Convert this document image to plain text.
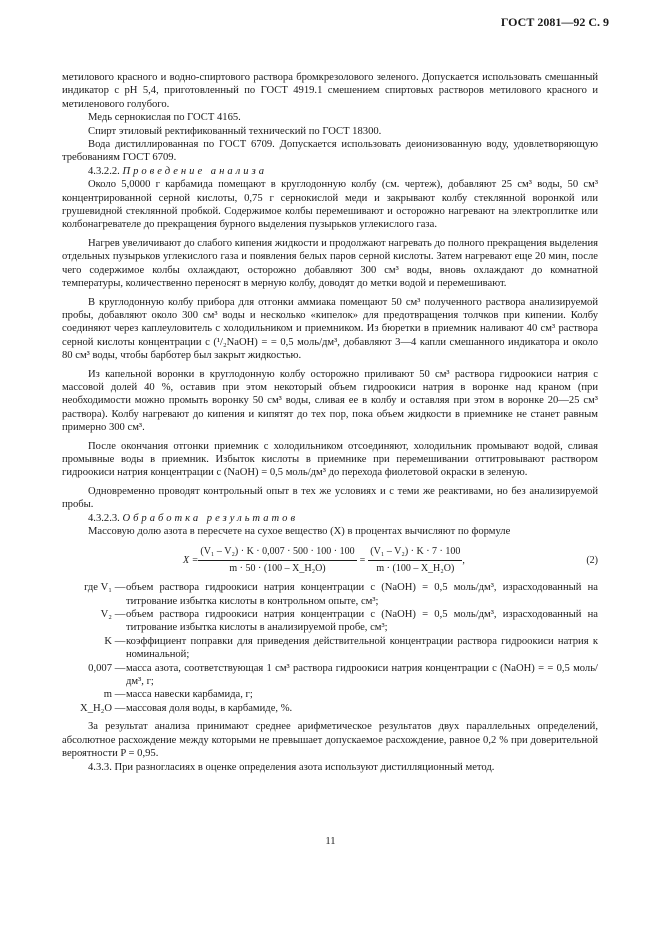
ГОСТ 2081—92 С. 9

метилового красного и водно-спиртового раствора бромкрезолового зеленого. Допускается использовать смешанный индикатор с pH 5,4, приготовленный по ГОСТ 4919.1 смешением спиртовых растворов метилового красного и метиленового голубого.

Медь сернокислая по ГОСТ 4165.

Спирт этиловый ректификованный технический по ГОСТ 18300.

Вода дистиллированная по ГОСТ 6709. Допускается использовать деионизованную воду, удовлетворяющую требованиям ГОСТ 6709.

4.3.2.2. Проведение анализа

Около 5,0000 г карбамида помещают в круглодонную колбу (см. чертеж), добавляют 25 см³ воды, 50 см³ концентрированной серной кислоты, 0,75 г сернокислой меди и закрывают колбу стеклянной воронкой или грушевидной стеклянной пробкой. Содержимое колбы перемешивают и осторожно нагревают на электроплитке или колбонагревателе до прекращения бурного выделения пузырьков углекислого газа.

Нагрев увеличивают до слабого кипения жидкости и продолжают нагревать до полного прекращения выделения отдельных пузырьков углекислого газа и появления белых паров серной кислоты. Затем нагревают еще 20 мин, после чего содержимое колбы охлаждают, осторожно добавляют 300 см³ воды, вновь охлаждают до комнатной температуры, количественно переносят в мерную колбу, доводят до метки водой и перемешивают.

В круглодонную колбу прибора для отгонки аммиака помещают 50 см³ полученного раствора анализируемой пробы, добавляют около 300 см³ воды и несколько «кипелок» для предотвращения толчков при кипении. Колбу соединяют через каплеуловитель с холодильником и приемником. Из бюретки в приемник наливают 40 см³ раствора серной кислоты концентрации c (¹/₂NaOH) = = 0,5 моль/дм³, добавляют 3—4 капли смешанного индикатора и около 80 см³ воды, чтобы барботер был закрыт жидкостью.

Из капельной воронки в круглодонную колбу осторожно приливают 50 см³ раствора гидроокиси натрия с массовой долей 40 %, оставив при этом некоторый объем гидроокиси натрия в воронке над краном (при необходимости можно промыть воронку 50 см³ воды, сливая ее в колбу и оставляя при этом в воронке 20—25 см³ раствора). Колбу нагревают до кипения и кипятят до тех пор, пока объем жидкости в приемнике не станет равным примерно 300 см³.

После окончания отгонки приемник с холодильником отсоединяют, холодильник промывают водой, сливая промывные воды в приемник. Избыток кислоты в приемнике при перемешивании оттитровывают раствором гидроокиси натрия концентрации c (NaOH) = 0,5 моль/дм³ до перехода фиолетовой окраски в зеленую.

Одновременно проводят контрольный опыт в тех же условиях и с теми же реактивами, но без анализируемой пробы.

4.3.2.3. Обработка результатов

Массовую долю азота в пересчете на сухое вещество (X) в процентах вычисляют по формуле

$X = \frac{\text{(V₁ – V₂) · K · 0,007 · 500 · 100 · 100}}{\text{m · 50 · (100 – X\_H₂O)}} = \frac{\text{(V₁ – V₂) · K · 7 · 100}}{\text{m · (100 – X\_H₂O)}}$ ,	(2)
где V₁ — объем раствора гидроокиси натрия концентрации c (NaOH) = 0,5 моль/дм³, израсходованный на титрование избытка кислоты в контрольном опыте, см³;
V₂ — объем раствора гидроокиси натрия концентрации c (NaOH) = 0,5 моль/дм³, израсходованный на титрование избытка кислоты в анализируемой пробе, см³;
K — коэффициент поправки для приведения действительной концентрации раствора гидроокиси натрия к номинальной;
0,007 — масса азота, соответствующая 1 см³ раствора гидроокиси натрия концентрации c (NaOH) = = 0,5 моль/дм³, г;
m — масса навески карбамида, г;
X_H₂O — массовая доля воды, в карбамиде, %.

За результат анализа принимают среднее арифметическое результатов двух параллельных определений, абсолютное расхождение между которыми не превышает допускаемое расхождение, равное 0,2 % при доверительной вероятности P = 0,95.

4.3.3. При разногласиях в оценке определения азота используют дистилляционный метод.

11
